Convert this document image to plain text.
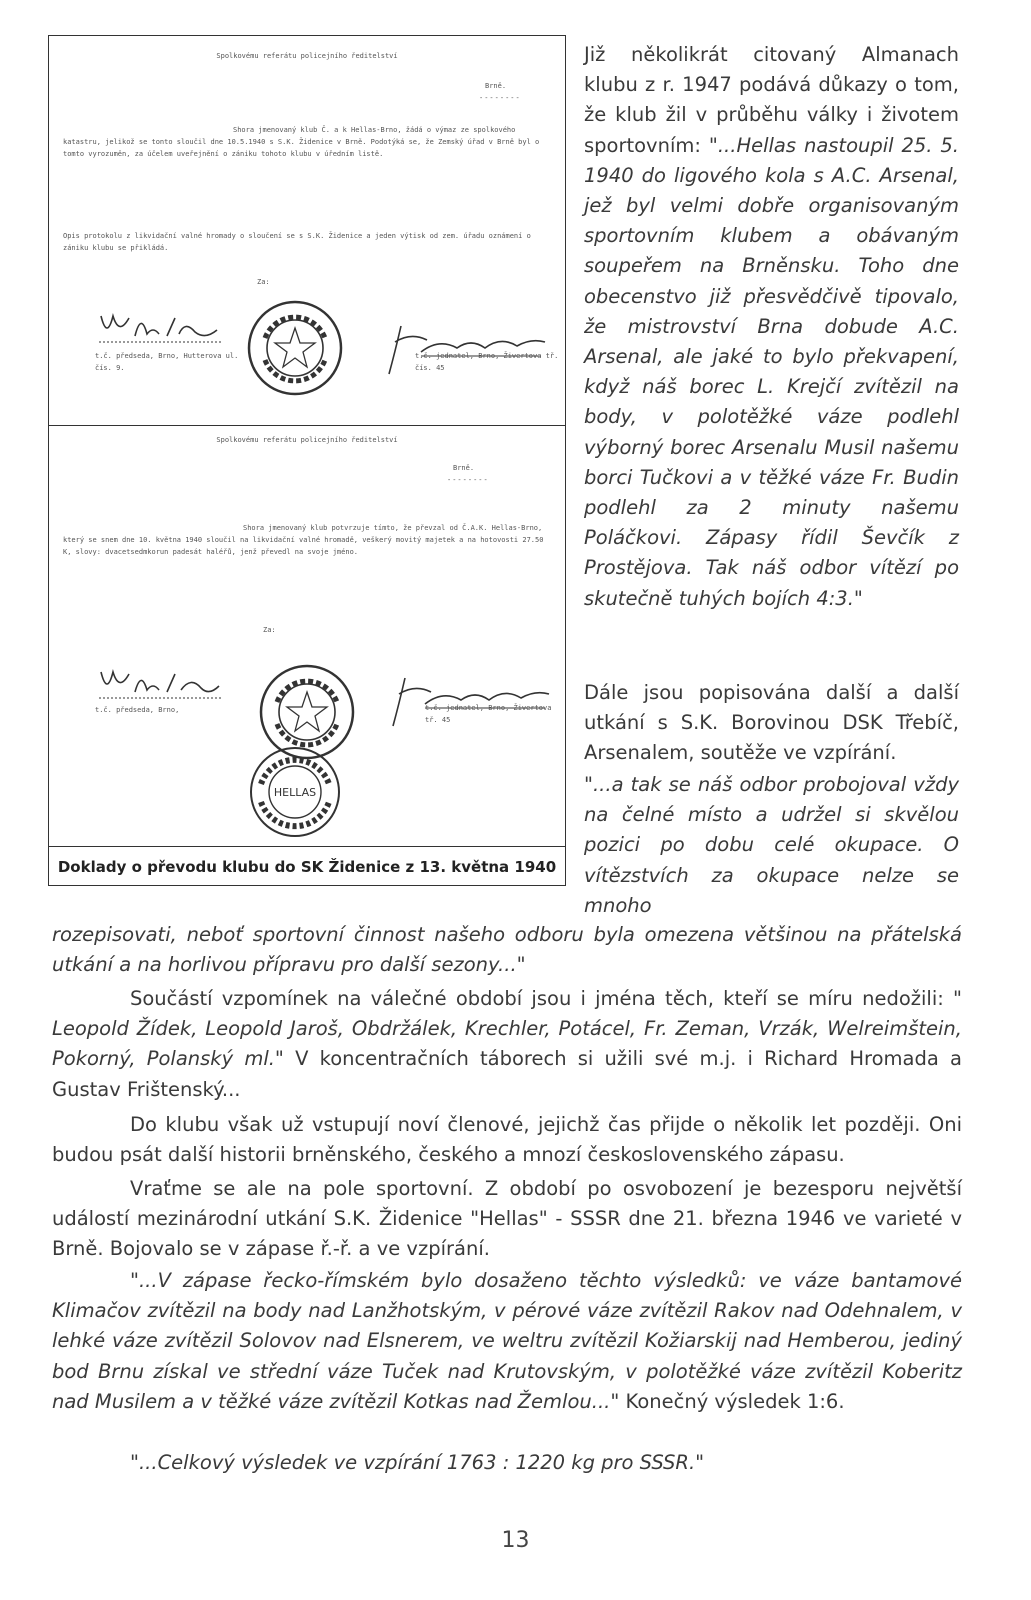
Spolkovému referátu policejního ředitelství
Brně.
--------
Shora jmenovaný klub Č. a k Hellas-Brno, žádá o výmaz ze spolkového katastru, jelikož se tonto sloučil dne 10.5.1940 s S.K. Židenice v Brně. Podotýká se, že Zemský úřad v Brně byl o tomto vyrozuměn, za účelem uveřejnění o zániku tohoto klubu v úředním listě.
Opis protokolu z likvidační valné hromady o sloučení se s S.K. Židenice a jeden výtisk od zem. úřadu oznámení o zániku klubu se přikládá.
Za:
t.č. předseda, Brno, Hutterova ul. čís. 9.
t.č. jednatel, Brno, Živertova tř. čís. 45
Spolkovému referátu policejního ředitelství
Brně.
--------
Shora jmenovaný klub potvrzuje tímto, že převzal od Č.A.K. Hellas-Brno, který se snem dne 10. května 1940 sloučil na likvidační valné hromadě, veškerý movitý majetek a na hotovosti 27.50 K, slovy: dvacetsedmkorun padesát haléřů, jenž převedl na svoje jméno.
Za:
t.č. předseda, Brno,	t.č. jednatel, Brno, Živertova tř. 45
HELLAS
Doklady o převodu klubu do SK Židenice z 13. května 1940

Již několikrát citovaný Almanach klubu z r. 1947 podává důkazy o tom, že klub žil v průběhu války i životem sportovním: "...Hellas nastoupil 25. 5. 1940 do ligového kola s A.C. Arsenal, jež byl velmi dobře organisovaným sportovním klubem a obávaným soupeřem na Brněnsku. Toho dne obecenstvo již přesvědčivě tipovalo, že mistrovství Brna dobude A.C. Arsenal, ale jaké to bylo překvapení, když náš borec L. Krejčí zvítězil na body, v polotěžké váze podlehl výborný borec Arsenalu Musil našemu borci Tučkovi a v těžké váze Fr. Budin podlehl za 2 minuty našemu Poláčkovi. Zápasy řídil Ševčík z Prostějova. Tak náš odbor vítězí po skutečně tuhých bojích 4:3."

Dále jsou popisována další a další utkání s S.K. Borovinou DSK Třebíč, Arsenalem, soutěže ve vzpírání.

"...a tak se náš odbor probojoval vždy na čelné místo a udržel si skvělou pozici po dobu celé okupace. O vítězstvích za okupace nelze se mnoho

rozepisovati, neboť sportovní činnost našeho odboru byla omezena většinou na přátelská utkání a na horlivou přípravu pro další sezony..."

Součástí vzpomínek na válečné období jsou i jména těch, kteří se míru nedožili: " Leopold Žídek, Leopold Jaroš, Obdržálek, Krechler, Potácel, Fr. Zeman, Vrzák, Welreimštein, Pokorný, Polanský ml." V koncentračních táborech si užili své m.j. i Richard Hromada a Gustav Frištenský...

Do klubu však už vstupují noví členové, jejichž čas přijde o několik let později. Oni budou psát další historii brněnského, českého a mnozí československého zápasu.

Vraťme se ale na pole sportovní. Z období po osvobození je bezesporu největší událostí mezinárodní utkání S.K. Židenice "Hellas" - SSSR dne 21. března 1946 ve varieté v Brně. Bojovalo se v zápase ř.-ř. a ve vzpírání.

"...V zápase řecko-římském bylo dosaženo těchto výsledků: ve váze bantamové Klimačov zvítězil na body nad Lanžhotským, v pérové váze zvítězil Rakov nad Odehnalem, v lehké váze zvítězil Solovov nad Elsnerem, ve weltru zvítězil Kožiarskij nad Hemberou, jediný bod Brnu získal ve střední váze Tuček nad Krutovským, v polotěžké váze zvítězil Koberitz nad Musilem a v těžké váze zvítězil Kotkas nad Žemlou..." Konečný výsledek 1:6.

"...Celkový výsledek ve vzpírání 1763 : 1220 kg pro SSSR."

13
